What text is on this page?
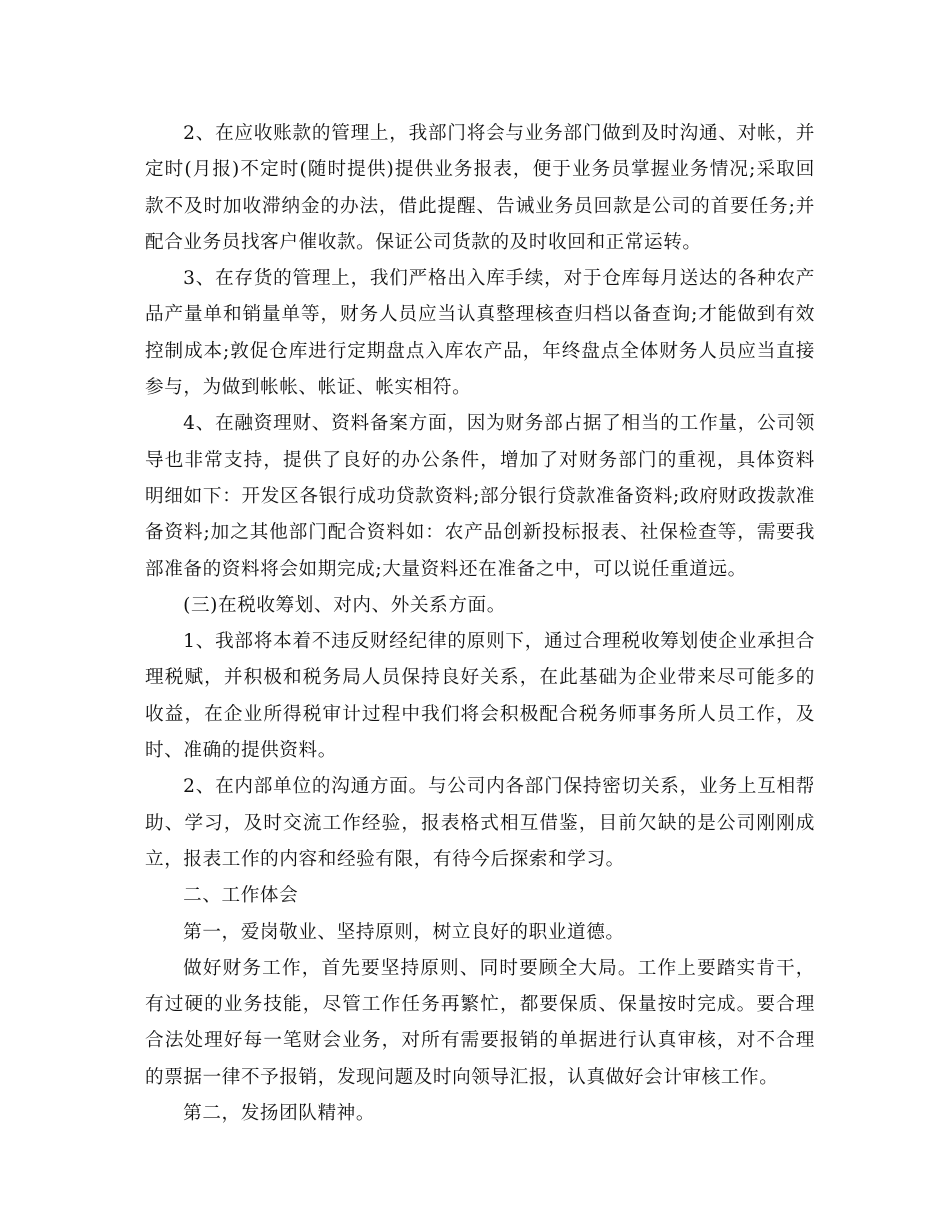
2、在应收账款的管理上，我部门将会与业务部门做到及时沟通、对帐，并定时(月报)不定时(随时提供)提供业务报表，便于业务员掌握业务情况;采取回款不及时加收滞纳金的办法，借此提醒、告诫业务员回款是公司的首要任务;并配合业务员找客户催收款。保证公司货款的及时收回和正常运转。

3、在存货的管理上，我们严格出入库手续，对于仓库每月送达的各种农产品产量单和销量单等，财务人员应当认真整理核查归档以备查询;才能做到有效控制成本;敦促仓库进行定期盘点入库农产品，年终盘点全体财务人员应当直接参与，为做到帐帐、帐证、帐实相符。

4、在融资理财、资料备案方面，因为财务部占据了相当的工作量，公司领导也非常支持，提供了良好的办公条件，增加了对财务部门的重视，具体资料明细如下：开发区各银行成功贷款资料;部分银行贷款准备资料;政府财政拨款准备资料;加之其他部门配合资料如：农产品创新投标报表、社保检查等，需要我部准备的资料将会如期完成;大量资料还在准备之中，可以说任重道远。

(三)在税收筹划、对内、外关系方面。

1、我部将本着不违反财经纪律的原则下，通过合理税收筹划使企业承担合理税赋，并积极和税务局人员保持良好关系，在此基础为企业带来尽可能多的收益，在企业所得税审计过程中我们将会积极配合税务师事务所人员工作，及时、准确的提供资料。

2、在内部单位的沟通方面。与公司内各部门保持密切关系，业务上互相帮助、学习，及时交流工作经验，报表格式相互借鉴，目前欠缺的是公司刚刚成立，报表工作的内容和经验有限，有待今后探索和学习。

二、工作体会

第一，爱岗敬业、坚持原则，树立良好的职业道德。

做好财务工作，首先要坚持原则、同时要顾全大局。工作上要踏实肯干，有过硬的业务技能，尽管工作任务再繁忙，都要保质、保量按时完成。要合理合法处理好每一笔财会业务，对所有需要报销的单据进行认真审核，对不合理的票据一律不予报销，发现问题及时向领导汇报，认真做好会计审核工作。

第二，发扬团队精神。
